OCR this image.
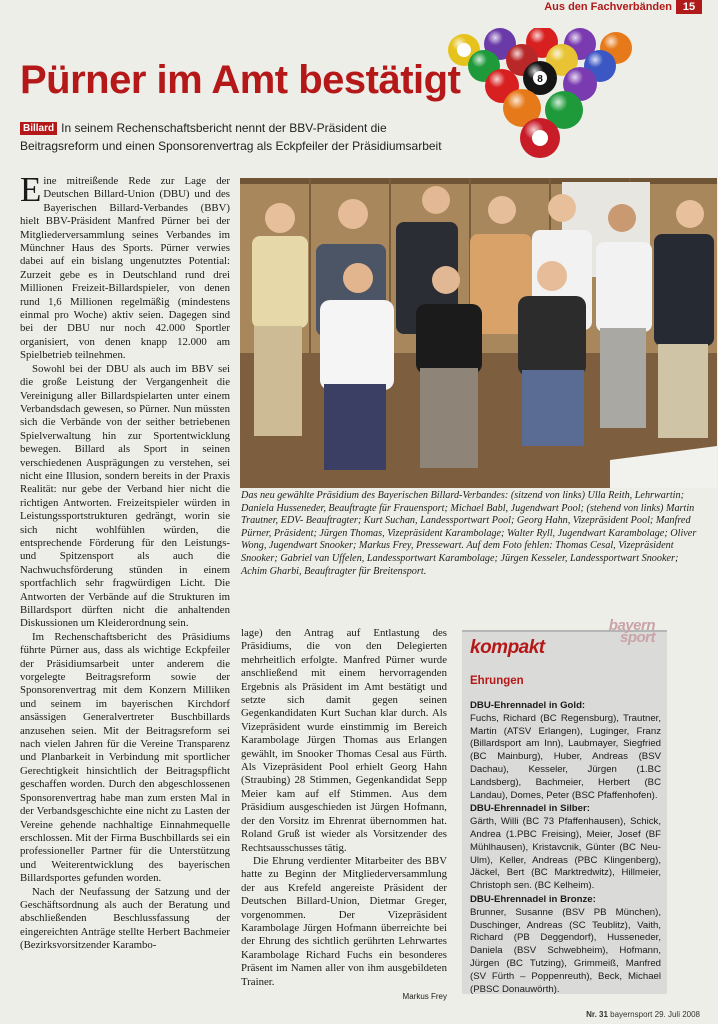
Aus den Fachverbänden 15
Pürner im Amt bestätigt
Billard In seinem Rechenschaftsbericht nennt der BBV-Präsident die Beitragsreform und einen Sponsorenvertrag als Eckpfeiler der Präsidiumsarbeit

Eine mitreißende Rede zur Lage der Deutschen Billard-Union (DBU) und des Bayerischen Billard-Verbandes (BBV) hielt BBV-Präsident Manfred Pürner bei der Mitgliederversammlung seines Verbandes im Münchner Haus des Sports. Pürner verwies dabei auf ein bislang ungenutztes Potential: Zurzeit gebe es in Deutschland rund drei Millionen Freizeit-Billardspieler, von denen rund 1,6 Millionen regelmäßig (mindestens einmal pro Woche) aktiv seien. Dagegen sind bei der DBU nur noch 42.000 Sportler organisiert, von denen knapp 12.000 am Spielbetrieb teilnehmen.

Sowohl bei der DBU als auch im BBV sei die große Leistung der Vergangenheit die Vereinigung aller Billardspielarten unter einem Verbandsdach gewesen, so Pürner. Nun müssten sich die Verbände von der seither betriebenen Spielverwaltung hin zur Sportentwicklung bewegen. Billard als Sport in seinen verschiedenen Ausprägungen zu verstehen, sei nicht eine Illusion, sondern bereits in der Praxis Realität: nur gebe der Verband hier nicht die richtigen Antworten. Freizeitspieler würden in Leistungssportstrukturen gedrängt, worin sie sich nicht wohlfühlen würden, die entsprechende Förderung für den Leistungs- und Spitzensport als auch die Nachwuchsförderung stünden in einem sportfachlich sehr fragwürdigen Licht. Die Antworten der Verbände auf die Strukturen im Billardsport dürften nicht die anhaltenden Diskussionen um Kleiderordnung sein.

Im Rechenschaftsbericht des Präsidiums führte Pürner aus, dass als wichtige Eckpfeiler der Präsidiumsarbeit unter anderem die vorgelegte Beitragsreform sowie der Sponsorenvertrag mit dem Konzern Milliken und seinem im bayerischen Kirchdorf ansässigen Generalvertreter Buschbillards anzusehen seien. Mit der Beitragsreform sei nach vielen Jahren für die Vereine Transparenz und Planbarkeit in Verbindung mit sportlicher Gerechtigkeit hinsichtlich der Beitragspflicht geschaffen worden. Durch den abgeschlossenen Sponsorenvertrag habe man zum ersten Mal in der Verbandsgeschichte eine nicht zu Lasten der Vereine gehende nachhaltige Einnahmequelle erschlossen. Mit der Firma Buschbillards sei ein professioneller Partner für die Unterstützung und Weiterentwicklung des bayerischen Billardsportes gefunden worden.

Nach der Neufassung der Satzung und der Geschäftsordnung als auch der Beratung und abschließenden Beschlussfassung der eingereichten Anträge stellte Herbert Bachmeier (Bezirksvorsitzender Karambo-

Das neu gewählte Präsidium des Bayerischen Billard-Verbandes: (sitzend von links) Ulla Reith, Lehrwartin; Daniela Husseneder, Beauftragte für Frauensport; Michael Babl, Jugendwart Pool; (stehend von links) Martin Trautner, EDV- Beauftragter; Kurt Suchan, Landessportwart Pool; Georg Hahn, Vizepräsident Pool; Manfred Pürner, Präsident; Jürgen Thomas, Vizepräsident Karambolage; Walter Ryll, Jugendwart Karambolage; Oliver Wong, Jugendwart Snooker; Markus Frey, Pressewart. Auf dem Foto fehlen: Thomas Cesal, Vizepräsident Snooker; Gabriel van Uffelen, Landessportwart Karambolage; Jürgen Kesseler, Landessportwart Snooker; Achim Gharbi, Beauftragter für Breitensport.

lage) den Antrag auf Entlastung des Präsidiums, die von den Delegierten mehrheitlich erfolgte. Manfred Pürner wurde anschließend mit einem hervorragenden Ergebnis als Präsident im Amt bestätigt und setzte sich damit gegen seinen Gegenkandidaten Kurt Suchan klar durch. Als Vizepräsident wurde einstimmig im Bereich Karambolage Jürgen Thomas aus Erlangen gewählt, im Snooker Thomas Cesal aus Fürth. Als Vizepräsident Pool erhielt Georg Hahn (Straubing) 28 Stimmen, Gegenkandidat Sepp Meier kam auf elf Stimmen. Aus dem Präsidium ausgeschieden ist Jürgen Hofmann, der den Vorsitz im Ehrenrat übernommen hat. Roland Gruß ist wieder als Vorsitzender des Rechtsausschusses tätig.

Die Ehrung verdienter Mitarbeiter des BBV hatte zu Beginn der Mitgliederversammlung der aus Krefeld angereiste Präsident der Deutschen Billard-Union, Dietmar Greger, vorgenommen. Der Vizepräsident Karambolage Jürgen Hofmann überreichte bei der Ehrung des sichtlich gerührten Lehrwartes Karambolage Richard Fuchs ein besonderes Präsent im Namen aller von ihm ausgebildeten Trainer.

Markus Frey
bayern
sport
kompakt
Ehrungen
DBU-Ehrennadel in Gold:
Fuchs, Richard (BC Regensburg), Trautner, Martin (ATSV Erlangen), Luginger, Franz (Billardsport am Inn), Laubmayer, Siegfried (BC Mainburg), Huber, Andreas (BSV Dachau), Kesseler, Jürgen (1.BC Landsberg), Bachmeier, Herbert (BC Landau), Domes, Peter (BSC Pfaffenhofen).
DBU-Ehrennadel in Silber:
Gärth, Willi (BC 73 Pfaffenhausen), Schick, Andrea (1.PBC Freising), Meier, Josef (BF Mühlhausen), Kristavcnik, Günter (BC Neu-Ulm), Keller, Andreas (PBC Klingenberg), Jäckel, Bert (BC Marktredwitz), Hillmeier, Christoph sen. (BC Kelheim).
DBU-Ehrennadel in Bronze:
Brunner, Susanne (BSV PB München), Duschinger, Andreas (SC Teublitz), Vaith, Richard (PB Deggendorf), Husseneder, Daniela (BSV Schwebheim), Hofmann, Jürgen (BC Tutzing), Grimmeiß, Manfred (SV Fürth – Poppenreuth), Beck, Michael (PBSC Donauwörth).
Nr. 31 bayernsport 29. Juli 2008
